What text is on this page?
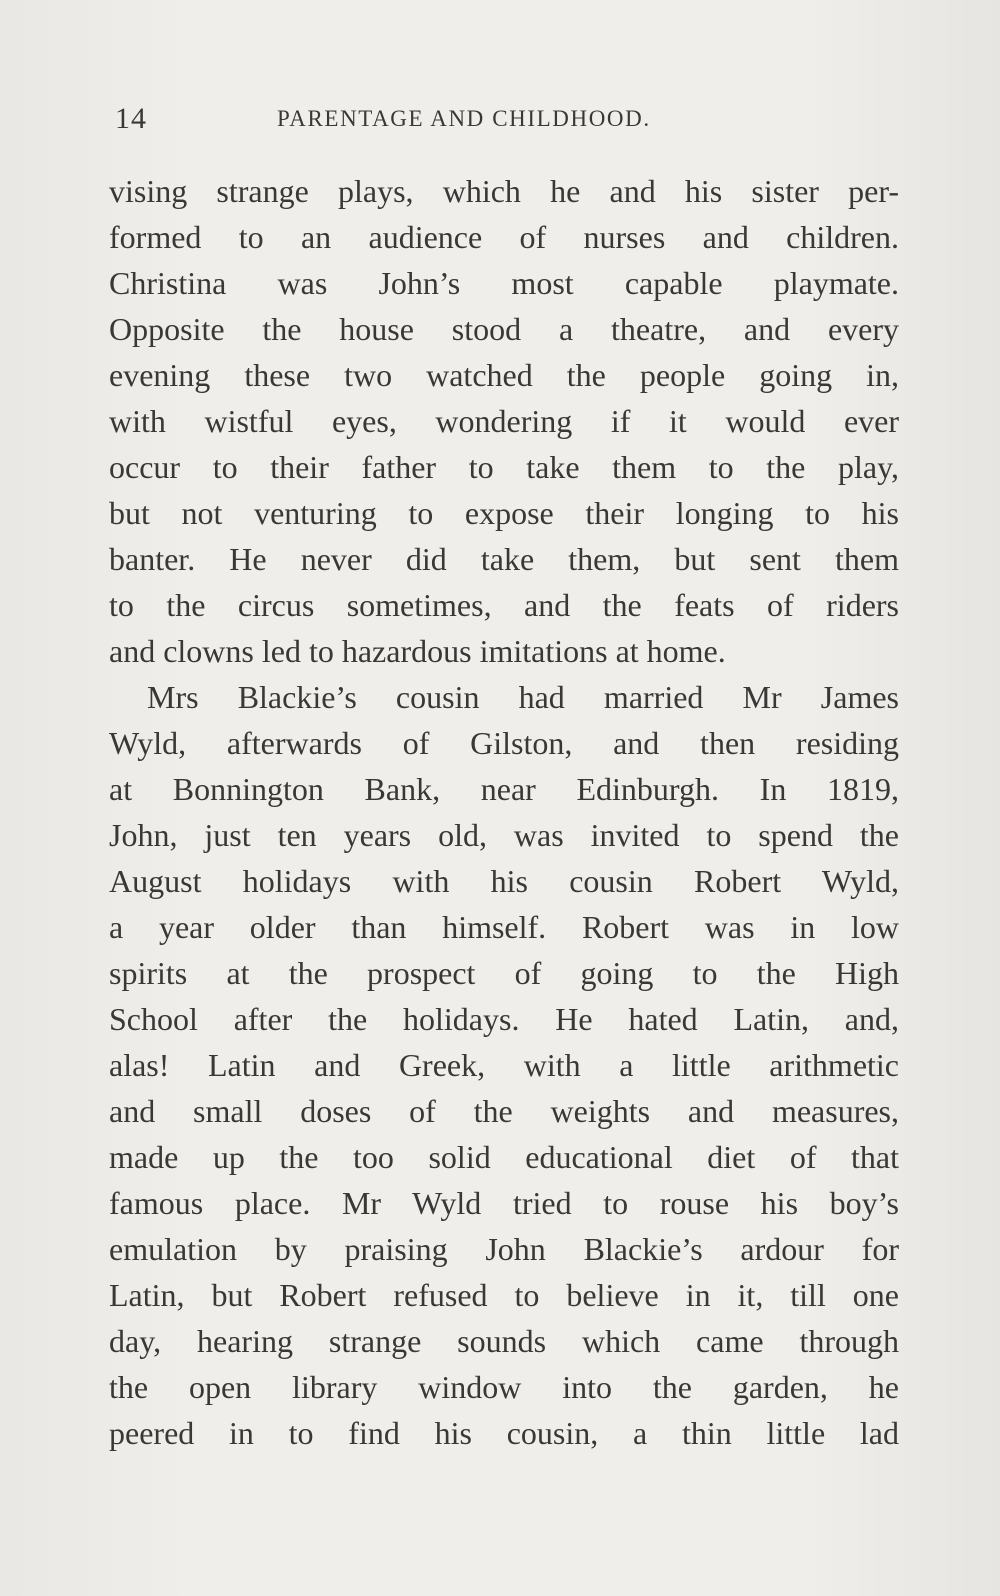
14	PARENTAGE AND CHILDHOOD.
vising strange plays, which he and his sister per-
formed to an audience of nurses and children.
Christina was John’s most capable playmate.
Opposite the house stood a theatre, and every
evening these two watched the people going in,
with wistful eyes, wondering if it would ever
occur to their father to take them to the play,
but not venturing to expose their longing to his
banter. He never did take them, but sent them
to the circus sometimes, and the feats of riders
and clowns led to hazardous imitations at home.
Mrs Blackie’s cousin had married Mr James
Wyld, afterwards of Gilston, and then residing
at Bonnington Bank, near Edinburgh. In 1819,
John, just ten years old, was invited to spend the
August holidays with his cousin Robert Wyld,
a year older than himself. Robert was in low
spirits at the prospect of going to the High
School after the holidays. He hated Latin, and,
alas! Latin and Greek, with a little arithmetic
and small doses of the weights and measures,
made up the too solid educational diet of that
famous place. Mr Wyld tried to rouse his boy’s
emulation by praising John Blackie’s ardour for
Latin, but Robert refused to believe in it, till one
day, hearing strange sounds which came through
the open library window into the garden, he
peered in to find his cousin, a thin little lad
